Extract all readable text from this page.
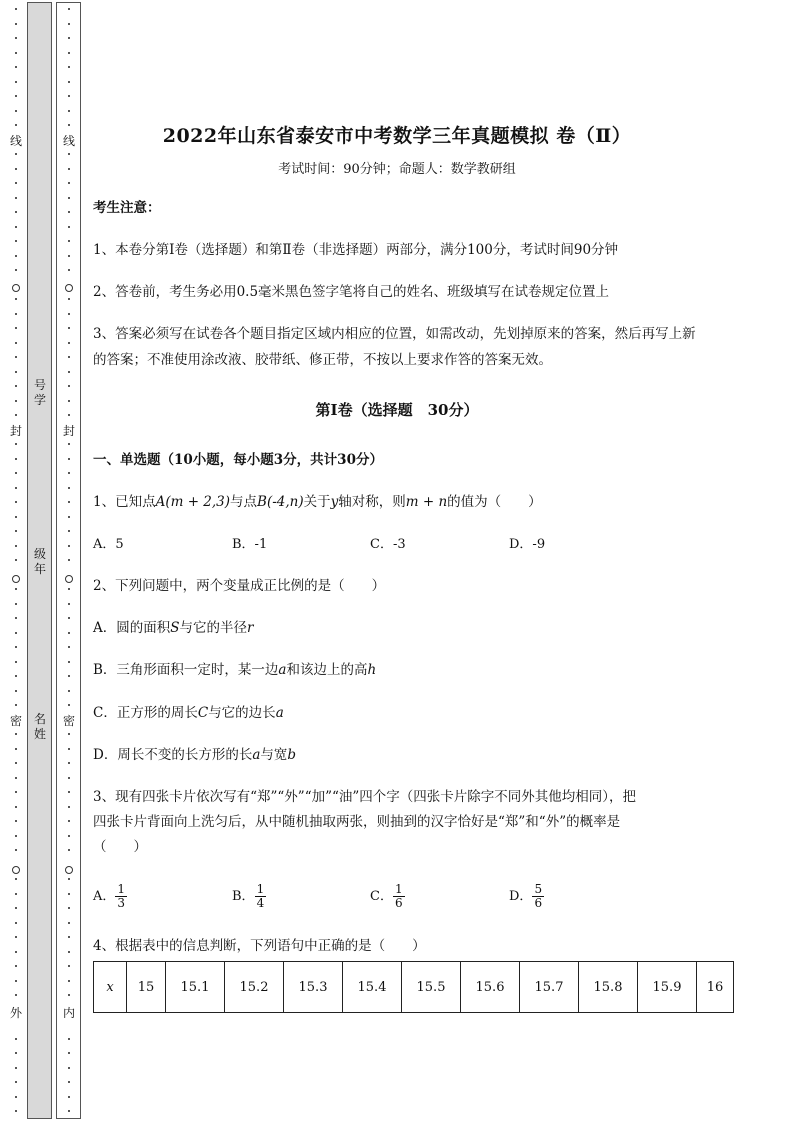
号
学
级
年
名
姓
2022年山东省泰安市中考数学三年真题模拟 卷（Ⅱ）
考试时间：90分钟；命题人：数学教研组
考生注意：
1、本卷分第Ⅰ卷（选择题）和第Ⅱ卷（非选择题）两部分，满分100分，考试时间90分钟
2、答卷前，考生务必用0.5毫米黑色签字笔将自己的姓名、班级填写在试卷规定位置上
3、答案必须写在试卷各个题目指定区域内相应的位置，如需改动，先划掉原来的答案，然后再写上新
的答案；不准使用涂改液、胶带纸、修正带，不按以上要求作答的答案无效。
第Ⅰ卷（选择题　30分）
一、单选题（10小题，每小题3分，共计30分）
1、已知点A(m + 2,3)与点B(-4,n)关于y轴对称，则m + n的值为（　　）
A．5	B．-1	C．-3	D．-9
2、下列问题中，两个变量成正比例的是（　　）
A．圆的面积S与它的半径r
B．三角形面积一定时，某一边a和该边上的高h
C．正方形的周长C与它的边长a
D．周长不变的长方形的长a与宽b
3、现有四张卡片依次写有“郑”“外”“加”“油”四个字（四张卡片除字不同外其他均相同），把
四张卡片背面向上洗匀后，从中随机抽取两张，则抽到的汉字恰好是“郑”和“外”的概率是
（　　）
A． $\frac{1}{3}$	B． $\frac{1}{4}$	C． $\frac{1}{6}$	D． $\frac{5}{6}$
4、根据表中的信息判断，下列语句中正确的是（　　）
x	15	15.1	15.2	15.3	15.4	15.5	15.6	15.7	15.8	15.9	16
线
封
密
外
线
封
密
内
